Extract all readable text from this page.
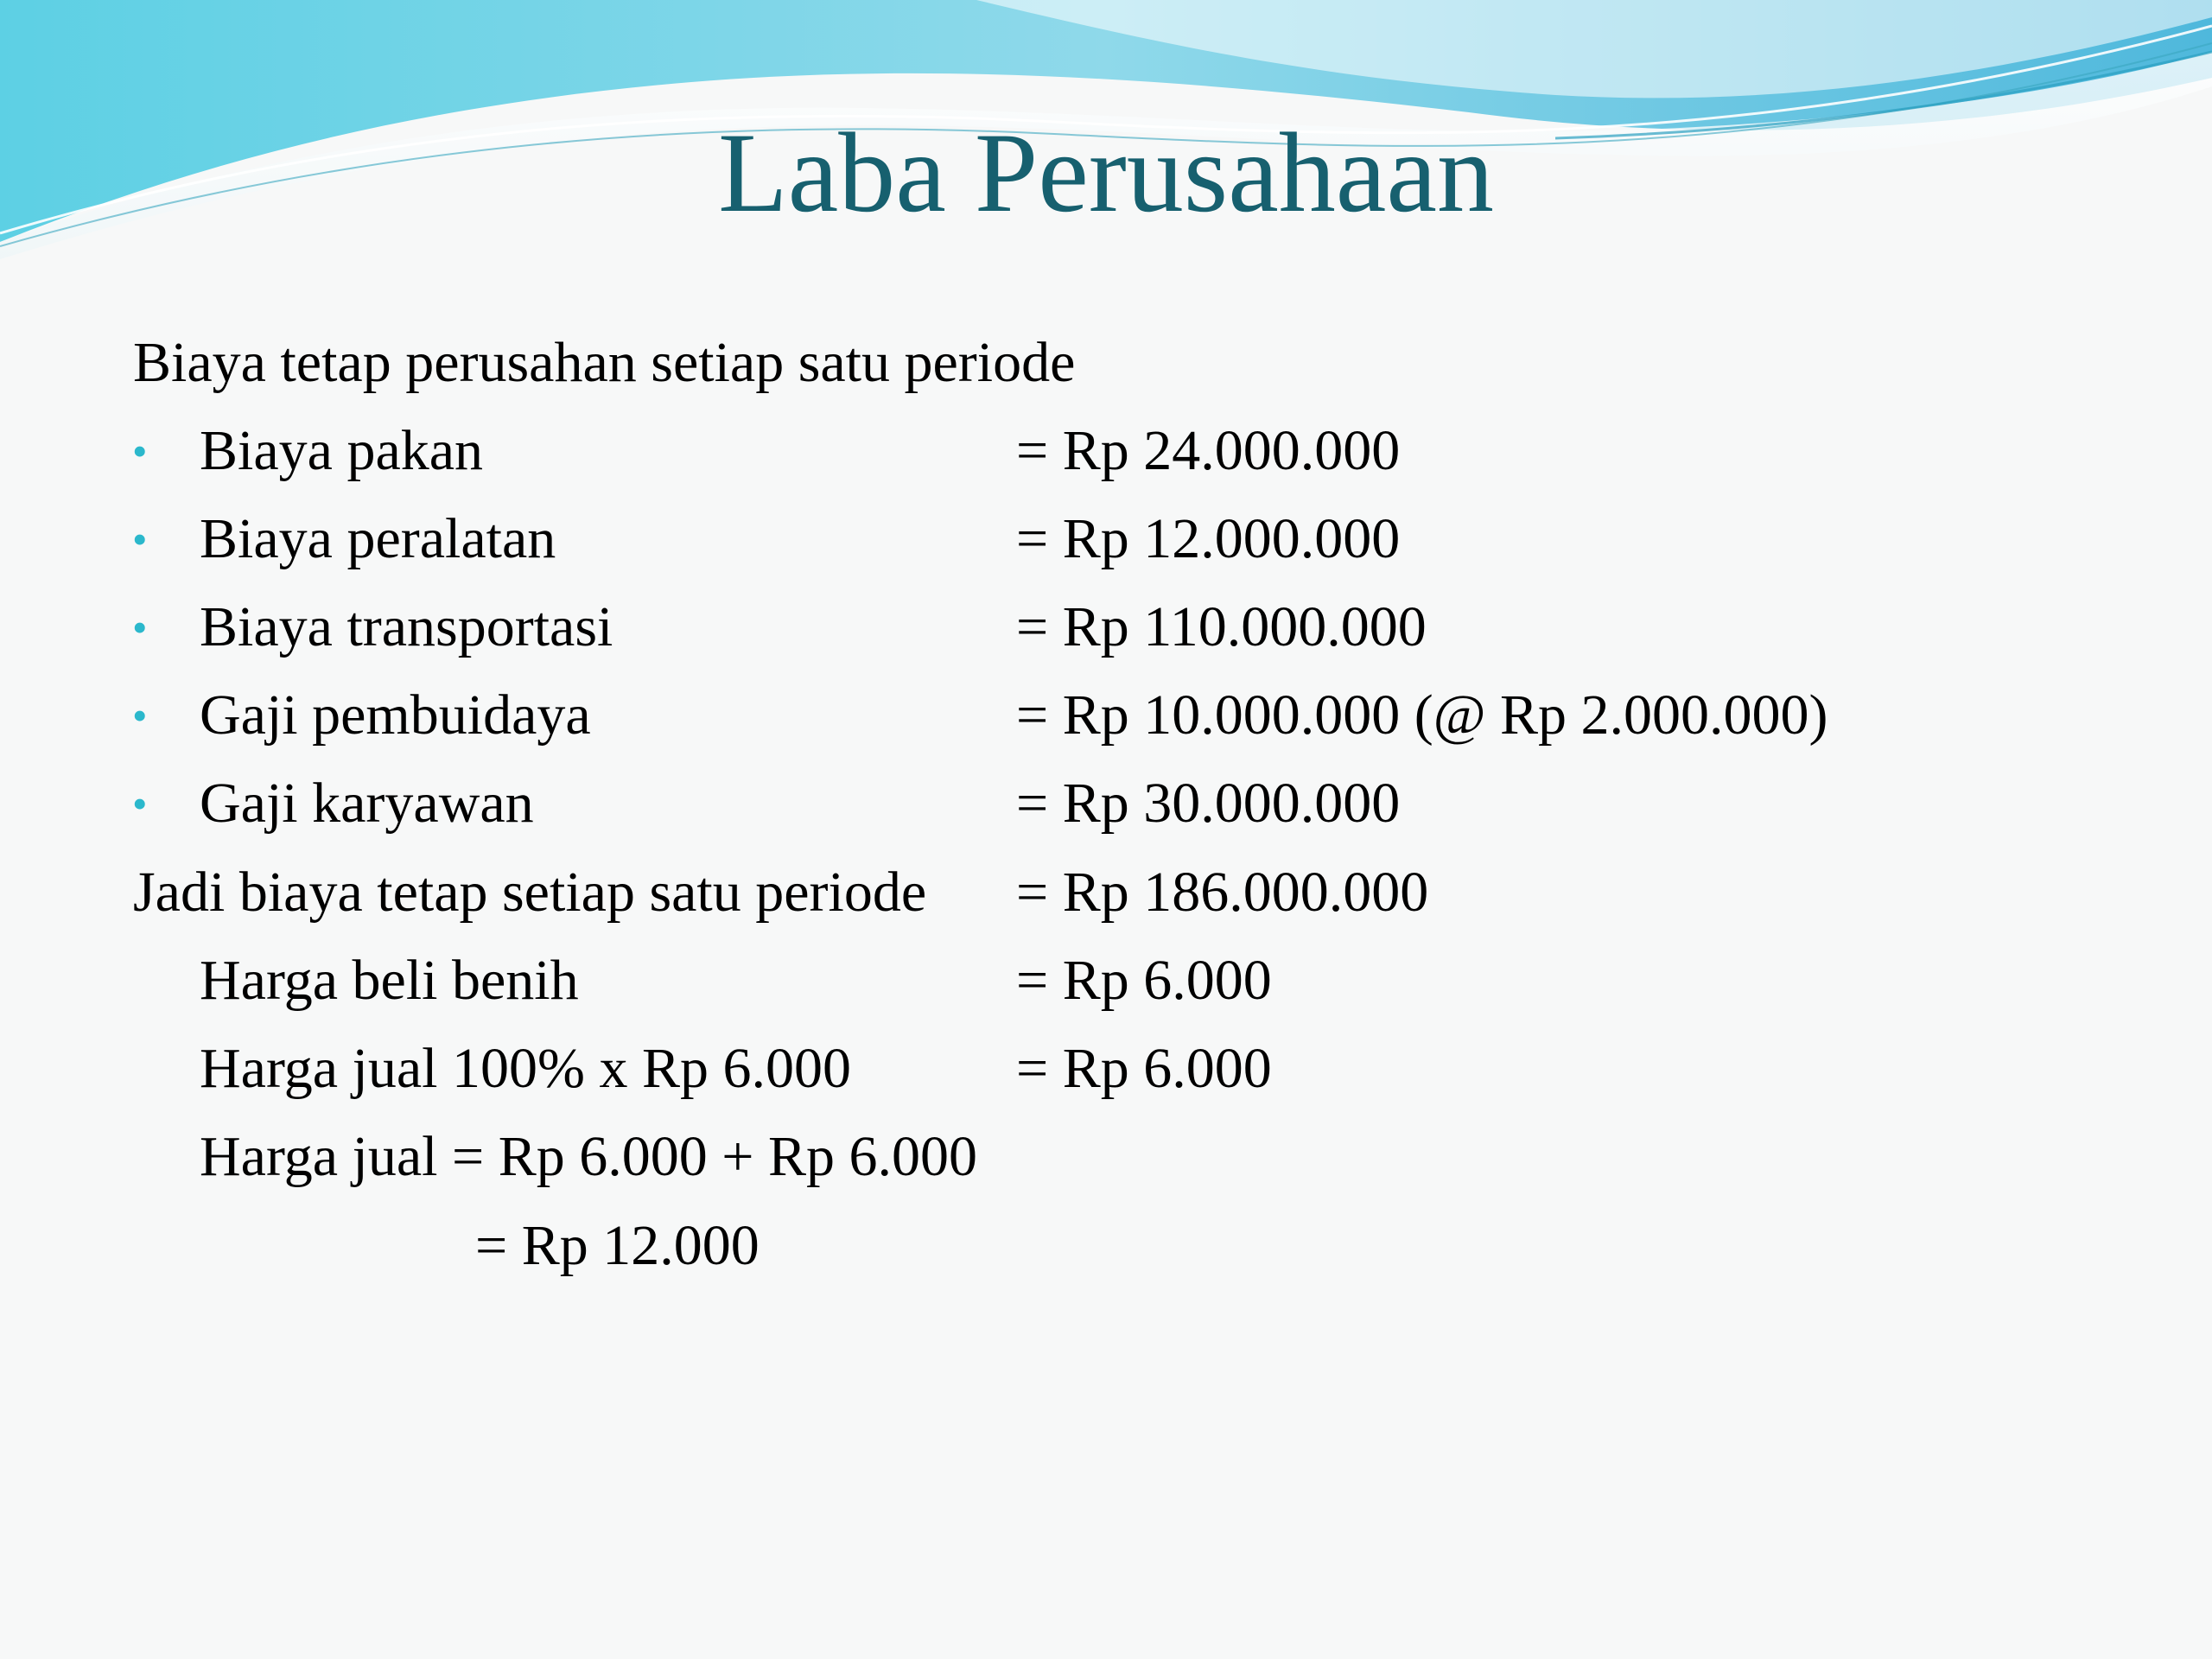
Laba Perusahaan
Biaya tetap perusahan setiap satu periode
• Biaya pakan	= Rp 24.000.000
• Biaya peralatan	= Rp 12.000.000
• Biaya transportasi	= Rp 110.000.000
• Gaji pembuidaya	= Rp 10.000.000 (@ Rp 2.000.000)
• Gaji karyawan	= Rp 30.000.000
Jadi biaya tetap setiap satu periode = Rp 186.000.000
Harga beli benih	= Rp 6.000
Harga jual 100% x Rp 6.000	= Rp 6.000
Harga jual = Rp 6.000 + Rp 6.000
= Rp 12.000
